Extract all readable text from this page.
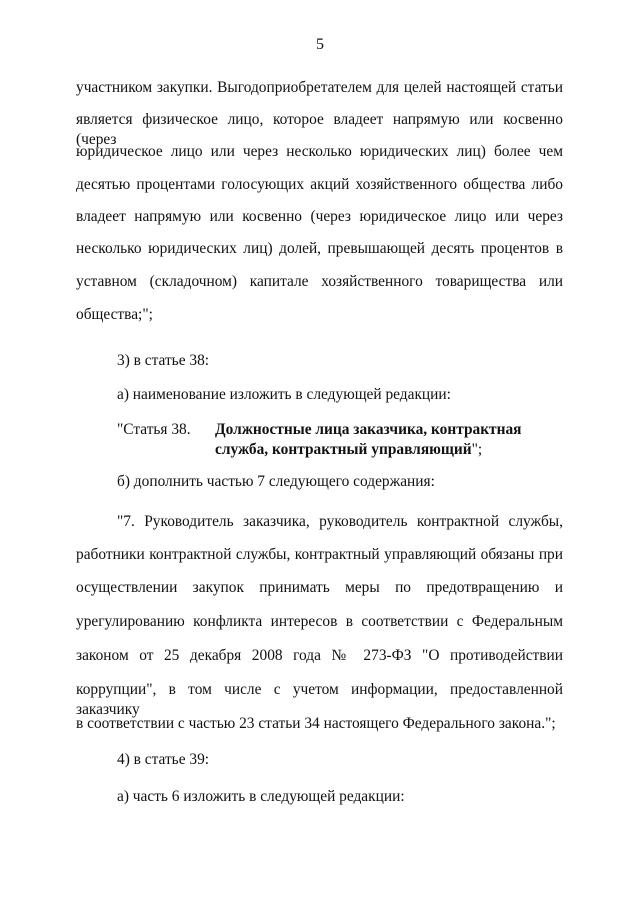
5
участником закупки. Выгодоприобретателем для целей настоящей статьи
является физическое лицо, которое владеет напрямую или косвенно (через
юридическое лицо или через несколько юридических лиц) более чем
десятью процентами голосующих акций хозяйственного общества либо
владеет напрямую или косвенно (через юридическое лицо или через
несколько юридических лиц) долей, превышающей десять процентов в
уставном (складочном) капитале хозяйственного товарищества или
общества;";
3) в статье 38:
а) наименование изложить в следующей редакции:
"Статья 38. Должностные лица заказчика, контрактная служба, контрактный управляющий";
б) дополнить частью 7 следующего содержания:
"7. Руководитель заказчика, руководитель контрактной службы,
работники контрактной службы, контрактный управляющий обязаны при
осуществлении закупок принимать меры по предотвращению и
урегулированию конфликта интересов в соответствии с Федеральным
законом от 25 декабря 2008 года № 273-ФЗ "О противодействии
коррупции", в том числе с учетом информации, предоставленной заказчику
в соответствии с частью 23 статьи 34 настоящего Федерального закона.";
4) в статье 39:
а) часть 6 изложить в следующей редакции:
